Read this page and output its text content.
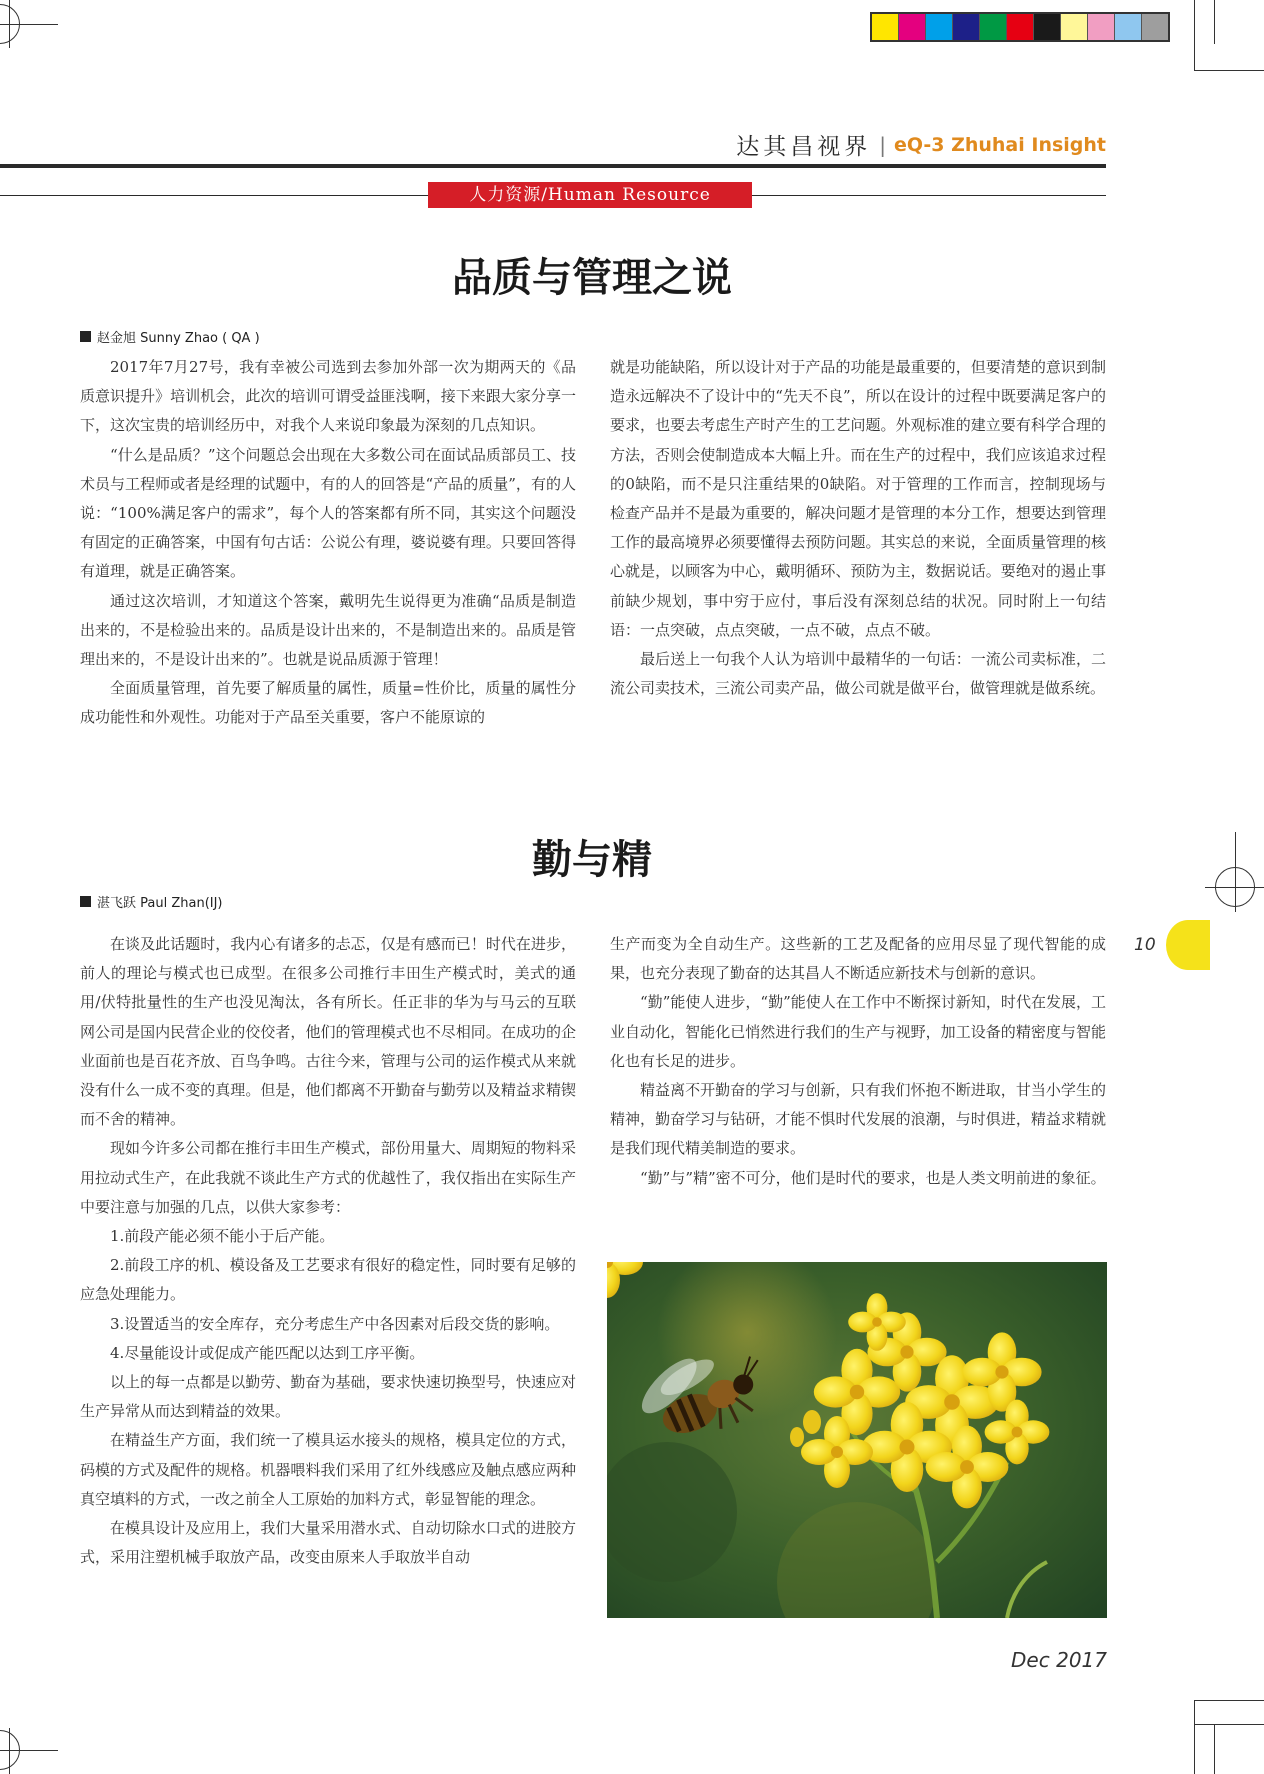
达其昌视界 | eQ-3 Zhuhai Insight
人力资源/Human Resource
品质与管理之说
赵金旭 Sunny Zhao ( QA )

2017年7月27号，我有幸被公司选到去参加外部一次为期两天的《品质意识提升》培训机会，此次的培训可谓受益匪浅啊，接下来跟大家分享一下，这次宝贵的培训经历中，对我个人来说印象最为深刻的几点知识。

“什么是品质？”这个问题总会出现在大多数公司在面试品质部员工、技术员与工程师或者是经理的试题中，有的人的回答是“产品的质量”，有的人说：“100%满足客户的需求”，每个人的答案都有所不同，其实这个问题没有固定的正确答案，中国有句古话：公说公有理，婆说婆有理。只要回答得有道理，就是正确答案。

通过这次培训，才知道这个答案，戴明先生说得更为准确“品质是制造出来的，不是检验出来的。品质是设计出来的，不是制造出来的。品质是管理出来的，不是设计出来的”。也就是说品质源于管理！

全面质量管理，首先要了解质量的属性，质量=性价比，质量的属性分成功能性和外观性。功能对于产品至关重要，客户不能原谅的

就是功能缺陷，所以设计对于产品的功能是最重要的，但要清楚的意识到制造永远解决不了设计中的“先天不良”，所以在设计的过程中既要满足客户的要求，也要去考虑生产时产生的工艺问题。外观标准的建立要有科学合理的方法，否则会使制造成本大幅上升。而在生产的过程中，我们应该追求过程的0缺陷，而不是只注重结果的0缺陷。对于管理的工作而言，控制现场与检查产品并不是最为重要的，解决问题才是管理的本分工作，想要达到管理工作的最高境界必须要懂得去预防问题。其实总的来说，全面质量管理的核心就是，以顾客为中心，戴明循环、预防为主，数据说话。要绝对的遏止事前缺少规划，事中穷于应付，事后没有深刻总结的状况。同时附上一句结语：一点突破，点点突破，一点不破，点点不破。

最后送上一句我个人认为培训中最精华的一句话：一流公司卖标准，二流公司卖技术，三流公司卖产品，做公司就是做平台，做管理就是做系统。

勤与精
湛飞跃 Paul Zhan(IJ)

在谈及此话题时，我内心有诸多的忐忑，仅是有感而已！时代在进步，前人的理论与模式也已成型。在很多公司推行丰田生产模式时，美式的通用/伏特批量性的生产也没见淘汰，各有所长。任正非的华为与马云的互联网公司是国内民营企业的佼佼者，他们的管理模式也不尽相同。在成功的企业面前也是百花齐放、百鸟争鸣。古往今来，管理与公司的运作模式从来就没有什么一成不变的真理。但是，他们都离不开勤奋与勤劳以及精益求精锲而不舍的精神。

现如今许多公司都在推行丰田生产模式，部份用量大、周期短的物料采用拉动式生产，在此我就不谈此生产方式的优越性了，我仅指出在实际生产中要注意与加强的几点，以供大家参考：

1.前段产能必须不能小于后产能。

2.前段工序的机、模设备及工艺要求有很好的稳定性，同时要有足够的应急处理能力。

3.设置适当的安全库存，充分考虑生产中各因素对后段交货的影响。

4.尽量能设计或促成产能匹配以达到工序平衡。

以上的每一点都是以勤劳、勤奋为基础，要求快速切换型号，快速应对生产异常从而达到精益的效果。

在精益生产方面，我们统一了模具运水接头的规格，模具定位的方式，码模的方式及配件的规格。机器喂料我们采用了红外线感应及触点感应两种真空填料的方式，一改之前全人工原始的加料方式，彰显智能的理念。

在模具设计及应用上，我们大量采用潜水式、自动切除水口式的进胶方式，采用注塑机械手取放产品，改变由原来人手取放半自动

生产而变为全自动生产。这些新的工艺及配备的应用尽显了现代智能的成果，也充分表现了勤奋的达其昌人不断适应新技术与创新的意识。

“勤”能使人进步，“勤”能使人在工作中不断探讨新知，时代在发展，工业自动化，智能化已悄然进行我们的生产与视野，加工设备的精密度与智能化也有长足的进步。

精益离不开勤奋的学习与创新，只有我们怀抱不断进取，甘当小学生的精神，勤奋学习与钻研，才能不惧时代发展的浪潮，与时俱进，精益求精就是我们现代精美制造的要求。

“勤”与”精”密不可分，他们是时代的要求，也是人类文明前进的象征。

10
Dec 2017
